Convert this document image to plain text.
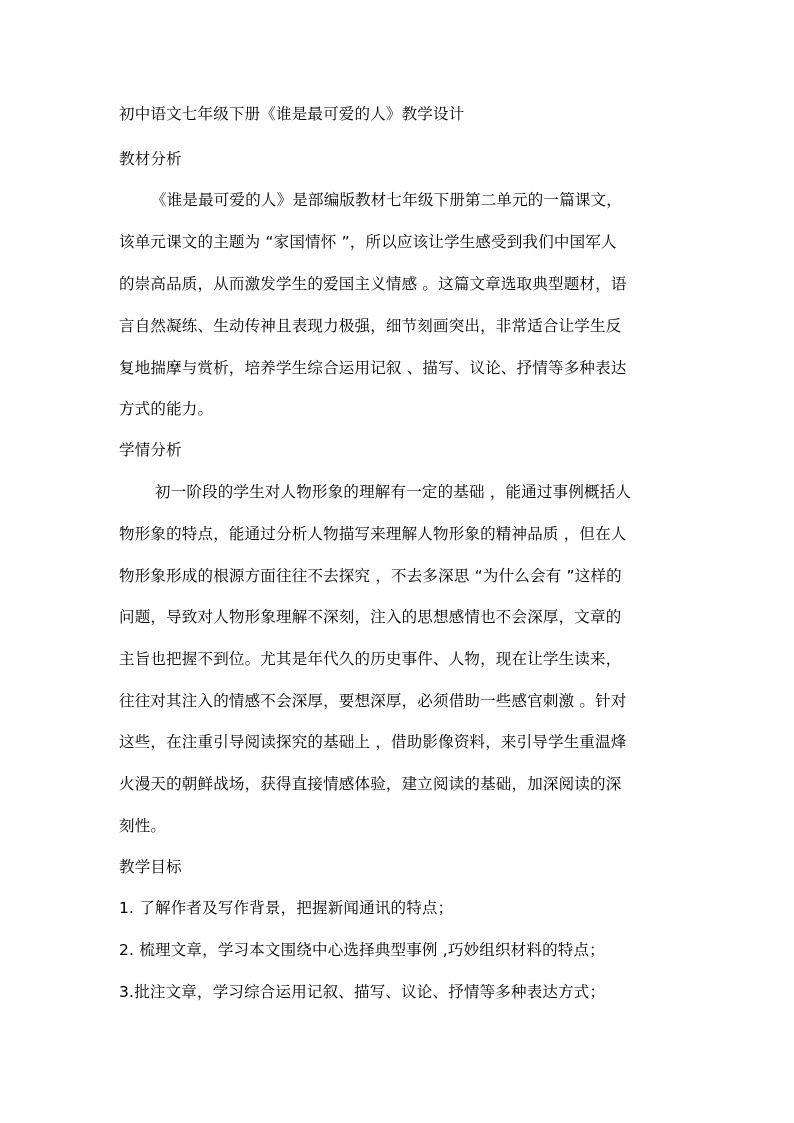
初中语文七年级下册《谁是最可爱的人》教学设计
教材分析
《谁是最可爱的人》是部编版教材七年级下册第二单元的一篇课文，
该单元课文的主题为 “家国情怀 ”，所以应该让学生感受到我们中国军人
的崇高品质，从而激发学生的爱国主义情感 。这篇文章选取典型题材，语
言自然凝练、生动传神且表现力极强，细节刻画突出，非常适合让学生反
复地揣摩与赏析，培养学生综合运用记叙 、描写、议论、抒情等多种表达
方式的能力。
学情分析
初一阶段的学生对人物形象的理解有一定的基础 ，能通过事例概括人
物形象的特点，能通过分析人物描写来理解人物形象的精神品质 ，但在人
物形象形成的根源方面往往不去探究 ，不去多深思 “为什么会有 ”这样的
问题，导致对人物形象理解不深刻，注入的思想感情也不会深厚，文章的
主旨也把握不到位。尤其是年代久的历史事件、人物，现在让学生读来，
往往对其注入的情感不会深厚，要想深厚，必须借助一些感官刺激 。针对
这些，在注重引导阅读探究的基础上 ，借助影像资料，来引导学生重温烽
火漫天的朝鲜战场，获得直接情感体验，建立阅读的基础，加深阅读的深
刻性。
教学目标
1. 了解作者及写作背景，把握新闻通讯的特点；
2. 梳理文章，学习本文围绕中心选择典型事例 ,巧妙组织材料的特点；
3.批注文章，学习综合运用记叙、描写、议论、抒情等多种表达方式；
